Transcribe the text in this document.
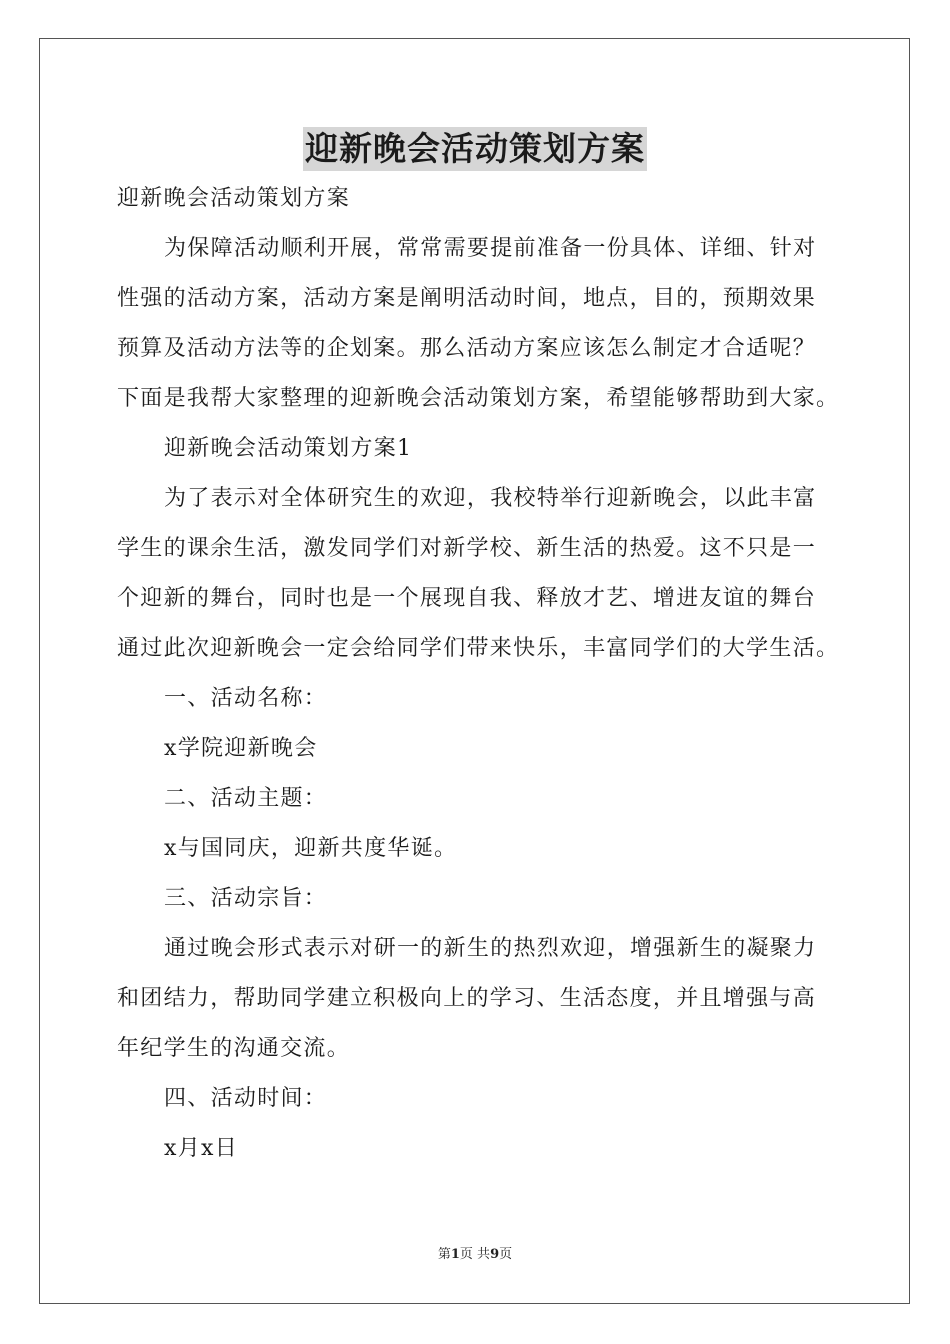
迎新晚会活动策划方案

迎新晚会活动策划方案

为保障活动顺利开展，常常需要提前准备一份具体、详细、针对

性强的活动方案，活动方案是阐明活动时间，地点，目的，预期效果

预算及活动方法等的企划案。那么活动方案应该怎么制定才合适呢？

下面是我帮大家整理的迎新晚会活动策划方案，希望能够帮助到大家。

迎新晚会活动策划方案1

为了表示对全体研究生的欢迎，我校特举行迎新晚会，以此丰富

学生的课余生活，激发同学们对新学校、新生活的热爱。这不只是一

个迎新的舞台，同时也是一个展现自我、释放才艺、增进友谊的舞台

通过此次迎新晚会一定会给同学们带来快乐，丰富同学们的大学生活。

一、活动名称：

x学院迎新晚会

二、活动主题：

x与国同庆，迎新共度华诞。

三、活动宗旨：

通过晚会形式表示对研一的新生的热烈欢迎，增强新生的凝聚力

和团结力，帮助同学建立积极向上的学习、生活态度，并且增强与高

年纪学生的沟通交流。

四、活动时间：

x月x日

第1页 共9页
